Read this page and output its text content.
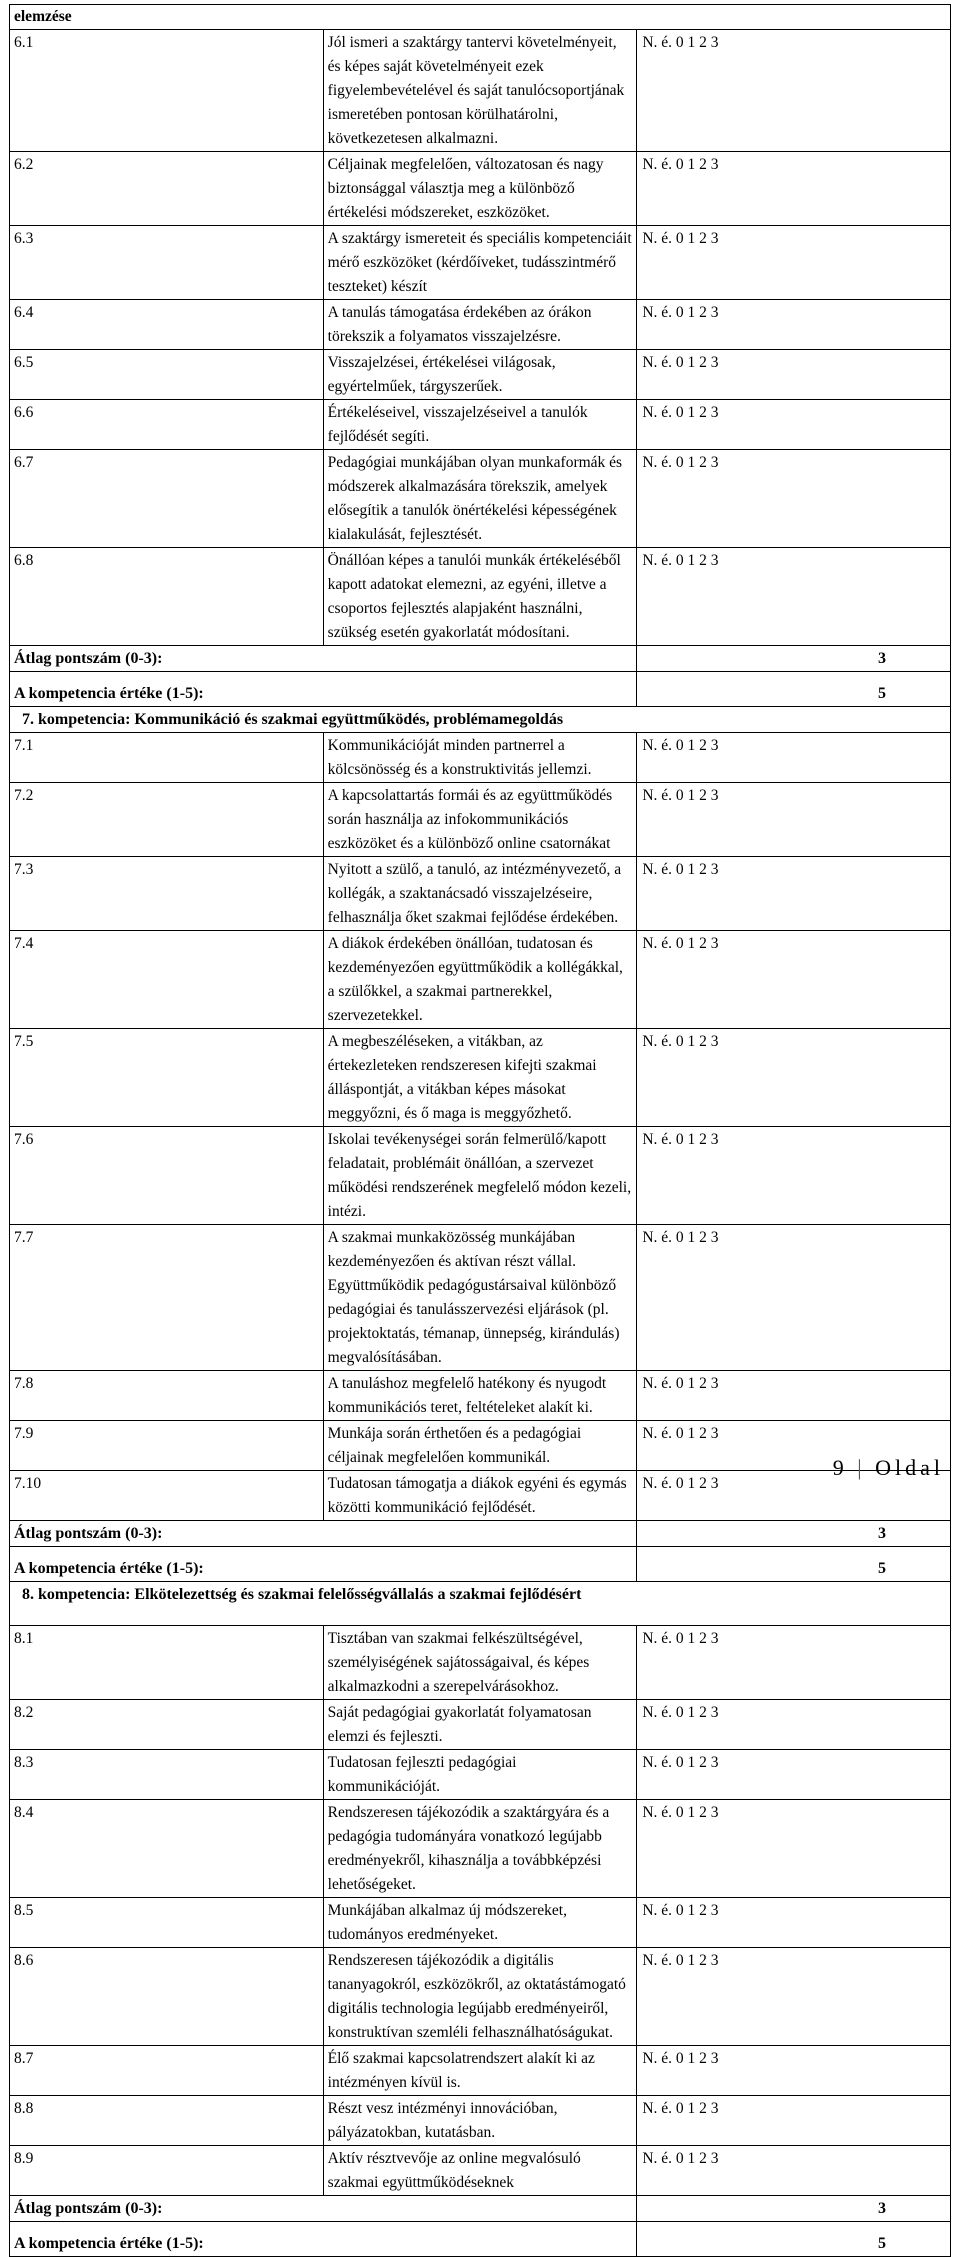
elemzése		
6.1	Jól ismeri a szaktárgy tantervi követelményeit, és képes saját követelményeit ezek figyelembevételével és saját tanulócsoportjának ismeretében pontosan körülhatárolni, következetesen alkalmazni.	N. é. 0 1 2 3
6.2	Céljainak megfelelően, változatosan és nagy biztonsággal választja meg a különböző értékelési módszereket, eszközöket.	N. é. 0 1 2 3
6.3	A szaktárgy ismereteit és speciális kompetenciáit mérő eszközöket (kérdőíveket, tudásszintmérő teszteket) készít	N. é. 0 1 2 3
6.4	A tanulás támogatása érdekében az órákon törekszik a folyamatos visszajelzésre.	N. é. 0 1 2 3
6.5	Visszajelzései, értékelései világosak, egyértelműek, tárgyszerűek.	N. é. 0 1 2 3
6.6	Értékeléseivel, visszajelzéseivel a tanulók fejlődését segíti.	N. é. 0 1 2 3
6.7	Pedagógiai munkájában olyan munkaformák és módszerek alkalmazására törekszik, amelyek elősegítik a tanulók önértékelési képességének kialakulását, fejlesztését.	N. é. 0 1 2 3
6.8	Önállóan képes a tanulói munkák értékeléséből kapott adatokat elemezni, az egyéni, illetve a csoportos fejlesztés alapjaként használni, szükség esetén gyakorlatát módosítani.	N. é. 0 1 2 3
Átlag pontszám (0-3):		3
A kompetencia értéke (1-5):		5
7. kompetencia: Kommunikáció és szakmai együttműködés, problémamegoldás		
7.1	Kommunikációját minden partnerrel a kölcsönösség és a konstruktivitás jellemzi.	N. é. 0 1 2 3
7.2	A kapcsolattartás formái és az együttműködés során használja az infokommunikációs eszközöket és a különböző online csatornákat	N. é. 0 1 2 3
7.3	Nyitott a szülő, a tanuló, az intézményvezető, a kollégák, a szaktanácsadó visszajelzéseire, felhasználja őket szakmai fejlődése érdekében.	N. é. 0 1 2 3
7.4	A diákok érdekében önállóan, tudatosan és kezdeményezően együttműködik a kollégákkal, a szülőkkel, a szakmai partnerekkel, szervezetekkel.	N. é. 0 1 2 3
7.5	A megbeszéléseken, a vitákban, az értekezleteken rendszeresen kifejti szakmai álláspontját, a vitákban képes másokat meggyőzni, és ő maga is meggyőzhető.	N. é. 0 1 2 3
7.6	Iskolai tevékenységei során felmerülő/kapott feladatait, problémáit önállóan, a szervezet működési rendszerének megfelelő módon kezeli, intézi.	N. é. 0 1 2 3
7.7	A szakmai munkaközösség munkájában kezdeményezően és aktívan részt vállal. Együttműködik pedagógustársaival különböző pedagógiai és tanulásszervezési eljárások (pl. projektoktatás, témanap, ünnepség, kirándulás) megvalósításában.	N. é. 0 1 2 3
7.8	A tanuláshoz megfelelő hatékony és nyugodt kommunikációs teret, feltételeket alakít ki.	N. é. 0 1 2 3
7.9	Munkája során érthetően és a pedagógiai céljainak megfelelően kommunikál.	N. é. 0 1 2 3
7.10	Tudatosan támogatja a diákok egyéni és egymás közötti kommunikáció fejlődését.	N. é. 0 1 2 3
Átlag pontszám (0-3):		3
A kompetencia értéke (1-5):		5
8. kompetencia: Elkötelezettség és szakmai felelősségvállalás a szakmai fejlődésért		
8.1	Tisztában van szakmai felkészültségével, személyiségének sajátosságaival, és képes alkalmazkodni a szerepelvárásokhoz.	N. é. 0 1 2 3
8.2	Saját pedagógiai gyakorlatát folyamatosan elemzi és fejleszti.	N. é. 0 1 2 3
8.3	Tudatosan fejleszti pedagógiai kommunikációját.	N. é. 0 1 2 3
8.4	Rendszeresen tájékozódik a szaktárgyára és a pedagógia tudományára vonatkozó legújabb eredményekről, kihasználja a továbbképzési lehetőségeket.	N. é. 0 1 2 3
8.5	Munkájában alkalmaz új módszereket, tudományos eredményeket.	N. é. 0 1 2 3
8.6	Rendszeresen tájékozódik a digitális tananyagokról, eszközökről, az oktatástámogató digitális technologia legújabb eredményeiről, konstruktívan szemléli felhasználhatóságukat.	N. é. 0 1 2 3
8.7	Élő szakmai kapcsolatrendszert alakít ki az intézményen kívül is.	N. é. 0 1 2 3
8.8	Részt vesz intézményi innovációban, pályázatokban, kutatásban.	N. é. 0 1 2 3
8.9	Aktív résztvevője az online megvalósuló szakmai együttműködéseknek	N. é. 0 1 2 3
Átlag pontszám (0-3):		3
A kompetencia értéke (1-5):		5
9 | Oldal
